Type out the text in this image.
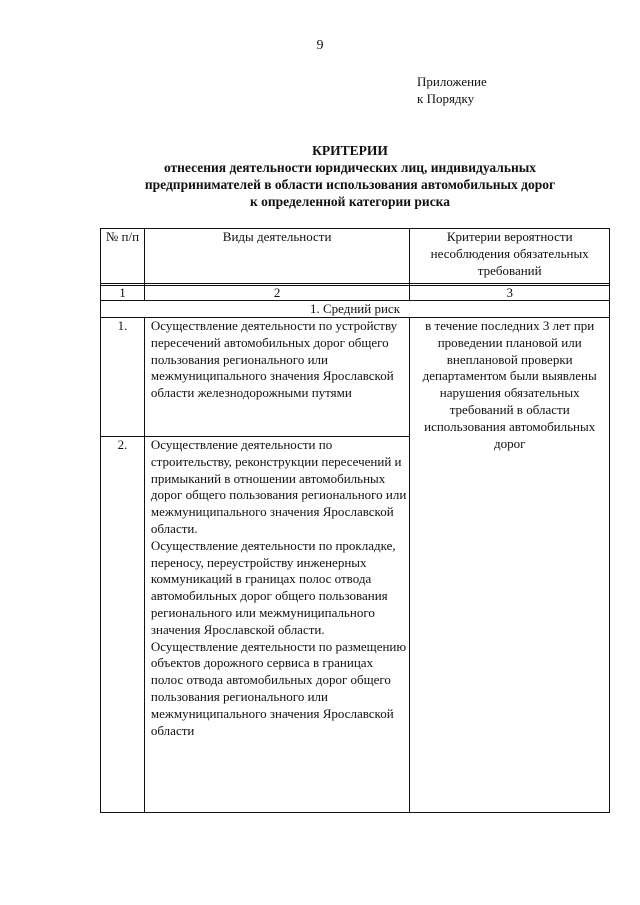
9
Приложение
к Порядку
КРИТЕРИИ
отнесения деятельности юридических лиц, индивидуальных
предпринимателей в области использования автомобильных дорог
к определенной категории риска
№ п/п	Виды деятельности	Критерии вероятности несоблюдения обязательных требований

1	2	3
1. Средний риск		
1.	Осуществление деятельности по устройству пересечений автомобильных дорог общего пользования регионального или межмуниципального значения Ярославской области железнодорожными путями	в течение последних 3 лет при проведении плановой или внеплановой проверки департаментом были выявлены нарушения обязательных требований в области использования автомобильных дорог
2.	Осуществление деятельности по строительству, реконструкции пересечений и примыканий в отношении автомобильных дорог общего пользования регионального или межмуниципального значения Ярославской области.

Осуществление деятельности по прокладке, переносу, переустройству инженерных коммуникаций в границах полос отвода автомобильных дорог общего пользования регионального или межмуниципального значения Ярославской области.

Осуществление деятельности по размещению объектов дорожного сервиса в границах полос отвода автомобильных дорог общего пользования регионального или межмуниципального значения Ярославской области	
